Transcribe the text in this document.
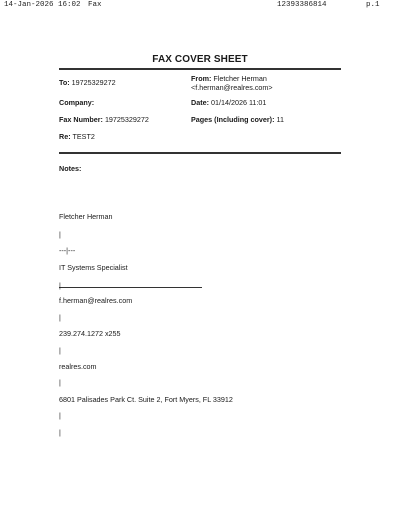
14-Jan-2026 16:02 Fax	12393386814	p.1
FAX COVER SHEET
To: 19725329272	From: Fletcher Herman
<f.herman@realres.com>
Company:	Date: 01/14/2026 11:01
Fax Number: 19725329272	Pages (Including cover): 11
Re: TEST2
Notes:
Fletcher Herman
|
---|---
IT Systems Specialist
|
f.herman@realres.com
|
239.274.1272 x255
|
realres.com
|
6801 Palisades Park Ct. Suite 2, Fort Myers, FL 33912
|
|
